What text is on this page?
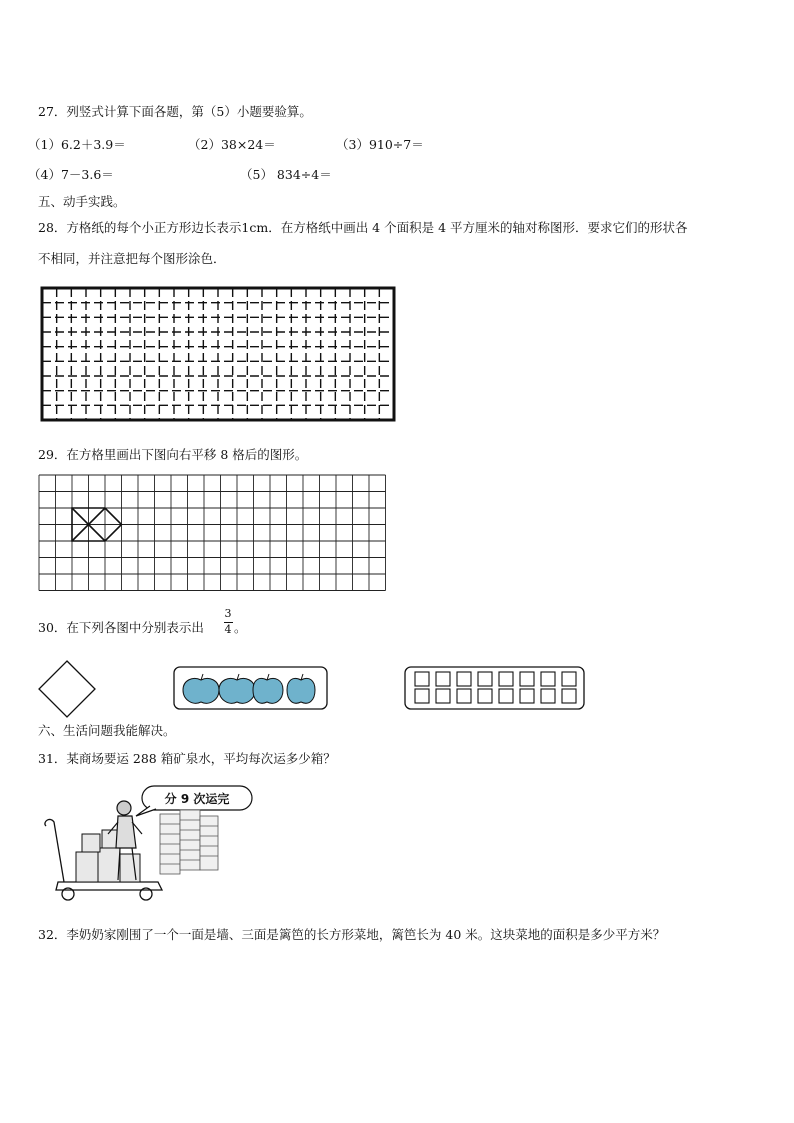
27．列竖式计算下面各题，第（5）小题要验算。
（1）6.2＋3.9＝	（2）38×24＝	（3）910÷7＝
（4）7－3.6＝	（5） 834÷4＝
五、动手实践。
28．方格纸的每个小正方形边长表示1cm．在方格纸中画出 4 个面积是 4 平方厘米的轴对称图形．要求它们的形状各
不相同，并注意把每个图形涂色．
29．在方格里画出下图向右平移 8 格后的图形。
30．在下列各图中分别表示出
3
4 。
六、生活问题我能解决。
31．某商场要运 288 箱矿泉水，平均每次运多少箱？
分 9 次运完
32．李奶奶家刚围了一个一面是墙、三面是篱笆的长方形菜地，篱笆长为 40 米。这块菜地的面积是多少平方米？
